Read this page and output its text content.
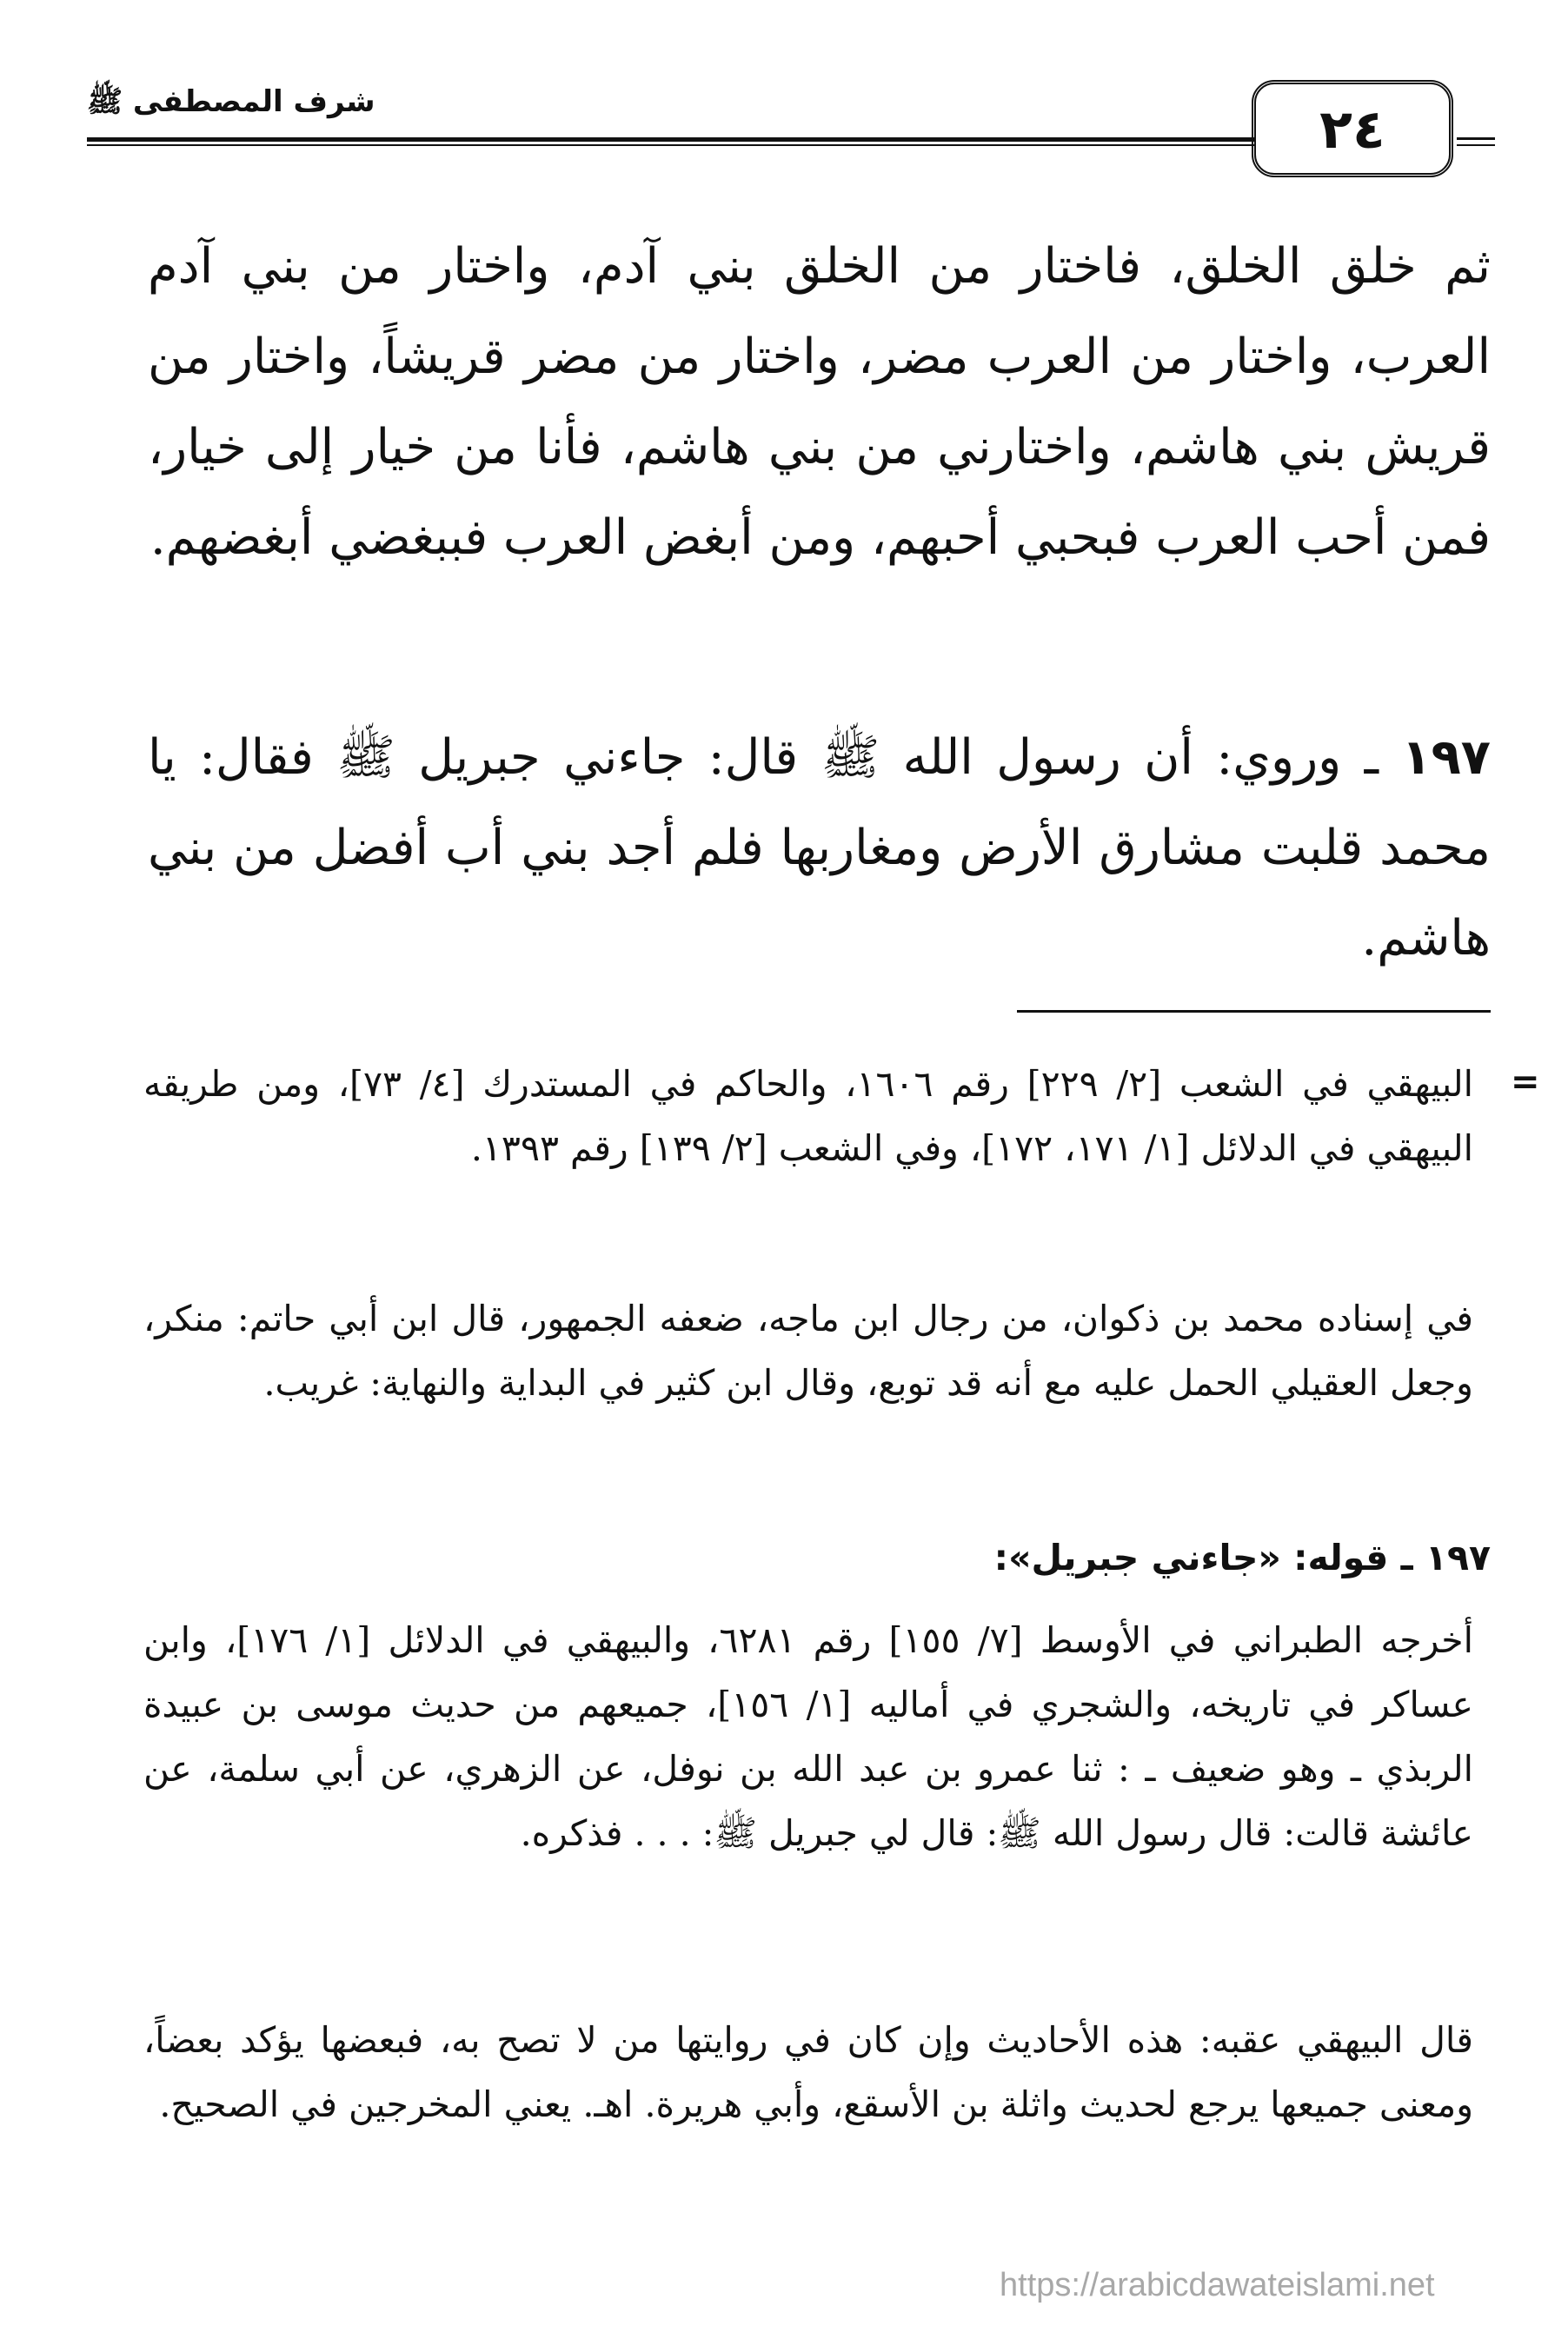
شرف المصطفى ﷺ	٢٤

ثم خلق الخلق، فاختار من الخلق بني آدم، واختار من بني آدم العرب، واختار من العرب مضر، واختار من مضر قريشاً، واختار من قريش بني هاشم، واختارني من بني هاشم، فأنا من خيار إلى خيار، فمن أحب العرب فبحبي أحبهم، ومن أبغض العرب فببغضي أبغضهم.

١٩٧ ـ وروي: أن رسول الله ﷺ قال: جاءني جبريل ﷺ فقال: يا محمد قلبت مشارق الأرض ومغاربها فلم أجد بني أب أفضل من بني هاشم.

=

البيهقي في الشعب [٢/ ٢٢٩] رقم ١٦٠٦، والحاكم في المستدرك [٤/ ٧٣]، ومن طريقه البيهقي في الدلائل [١/ ١٧١، ١٧٢]، وفي الشعب [٢/ ١٣٩] رقم ١٣٩٣.

في إسناده محمد بن ذكوان، من رجال ابن ماجه، ضعفه الجمهور، قال ابن أبي حاتم: منكر، وجعل العقيلي الحمل عليه مع أنه قد توبع، وقال ابن كثير في البداية والنهاية: غريب.

١٩٧ ـ قوله: «جاءني جبريل»:

أخرجه الطبراني في الأوسط [٧/ ١٥٥] رقم ٦٢٨١، والبيهقي في الدلائل [١/ ١٧٦]، وابن عساكر في تاريخه، والشجري في أماليه [١/ ١٥٦]، جميعهم من حديث موسى بن عبيدة الربذي ـ وهو ضعيف ـ : ثنا عمرو بن عبد الله بن نوفل، عن الزهري، عن أبي سلمة، عن عائشة قالت: قال رسول الله ﷺ: قال لي جبريل ﷺ: . . . فذكره.

قال البيهقي عقبه: هذه الأحاديث وإن كان في روايتها من لا تصح به، فبعضها يؤكد بعضاً، ومعنى جميعها يرجع لحديث واثلة بن الأسقع، وأبي هريرة. اهـ. يعني المخرجين في الصحيح.

https://arabicdawateislami.net
